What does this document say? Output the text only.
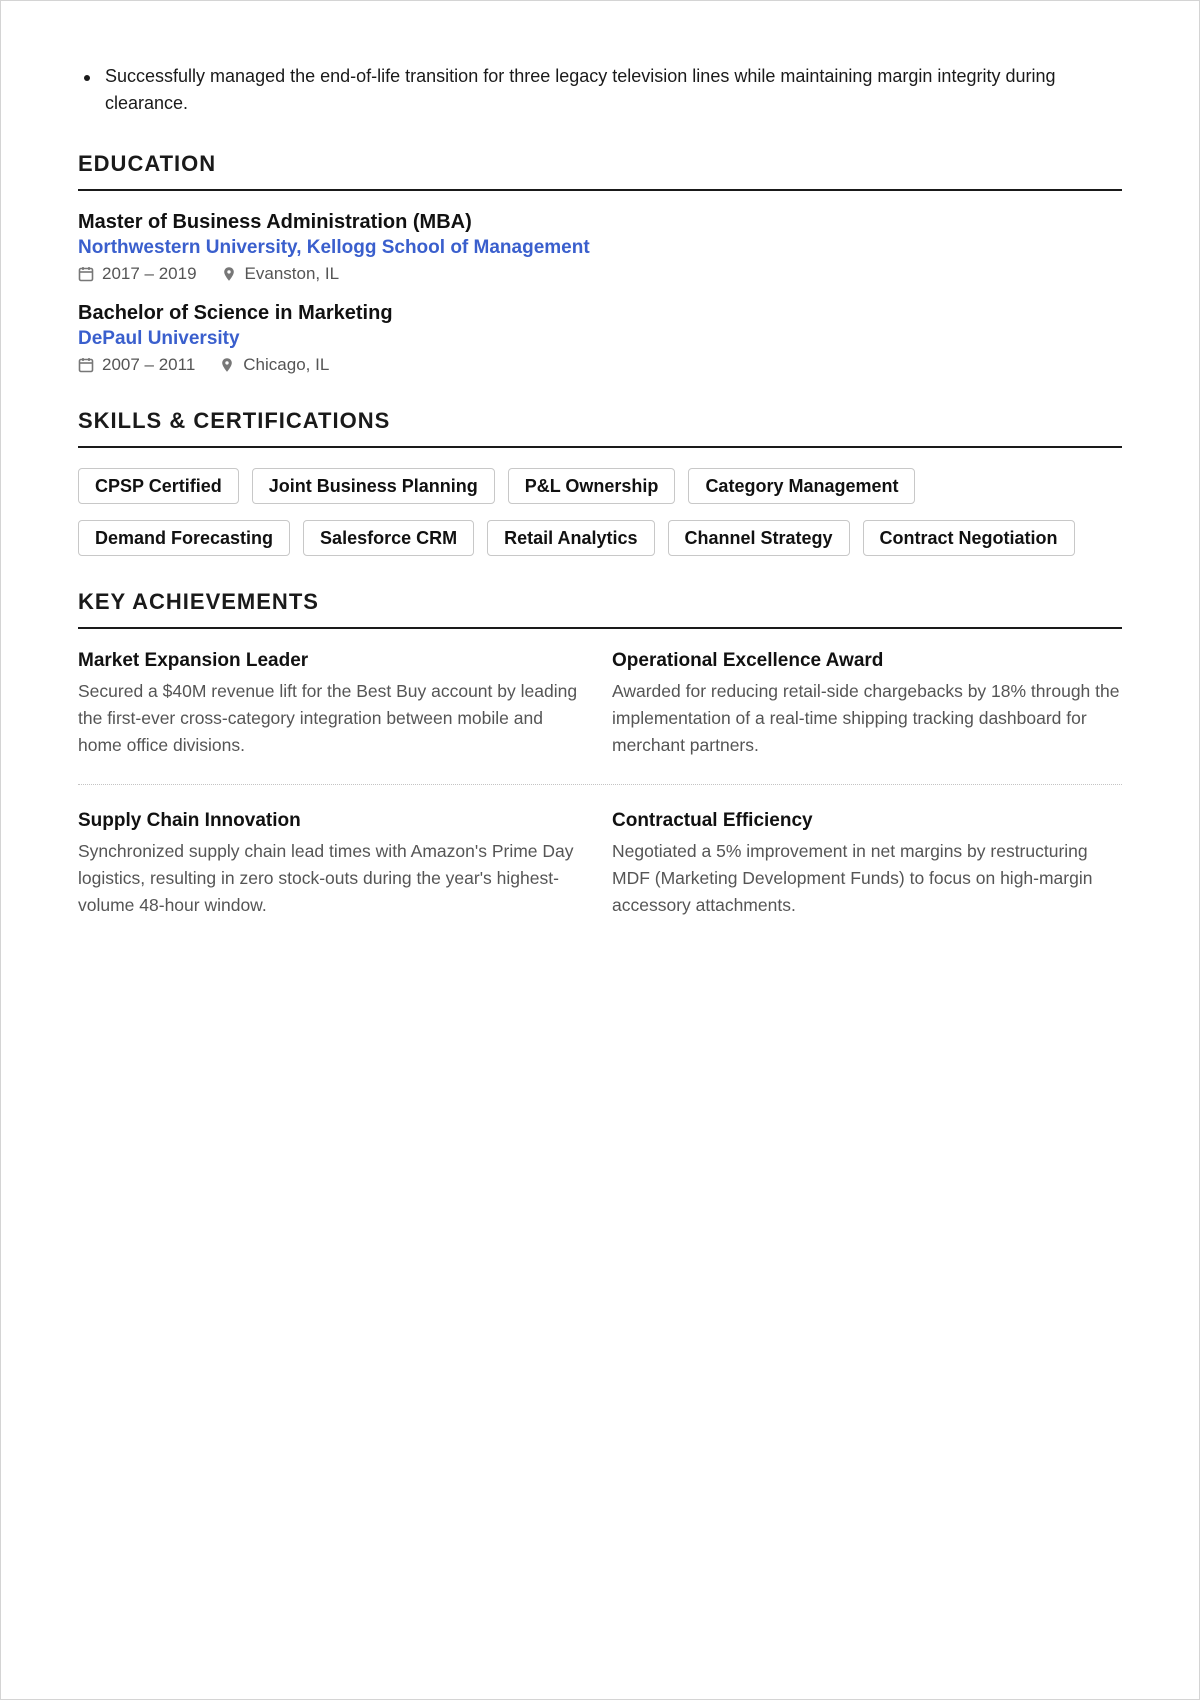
Successfully managed the end-of-life transition for three legacy television lines while maintaining margin integrity during clearance.
EDUCATION
Master of Business Administration (MBA)
Northwestern University, Kellogg School of Management
2017 – 2019	Evanston, IL
Bachelor of Science in Marketing
DePaul University
2007 – 2011	Chicago, IL
SKILLS & CERTIFICATIONS
CPSP Certified	Joint Business Planning	P&L Ownership	Category Management
Demand Forecasting	Salesforce CRM	Retail Analytics	Channel Strategy	Contract Negotiation
KEY ACHIEVEMENTS
Market Expansion Leader
Secured a $40M revenue lift for the Best Buy account by leading the first-ever cross-category integration between mobile and home office divisions.
Operational Excellence Award
Awarded for reducing retail-side chargebacks by 18% through the implementation of a real-time shipping tracking dashboard for merchant partners.
Supply Chain Innovation
Synchronized supply chain lead times with Amazon's Prime Day logistics, resulting in zero stock-outs during the year's highest-volume 48-hour window.
Contractual Efficiency
Negotiated a 5% improvement in net margins by restructuring MDF (Marketing Development Funds) to focus on high-margin accessory attachments.
